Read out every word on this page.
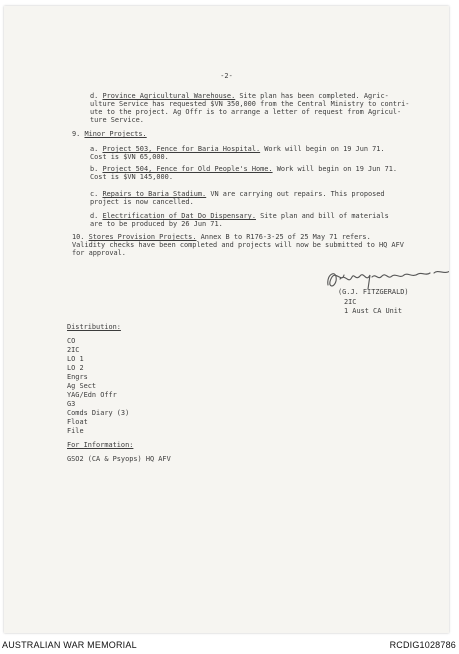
-2-
d. Province Agricultural Warehouse. Site plan has been completed. Agric-
ulture Service has requested $VN 350,000 from the Central Ministry to contri-
ute to the project. Ag Offr is to arrange a letter of request from Agricul-
ture Service.
9. Minor Projects.
a. Project 503, Fence for Baria Hospital. Work will begin on 19 Jun 71.
Cost is $VN 65,000.
b. Project 504, Fence for Old People's Home. Work will begin on 19 Jun 71.
Cost is $VN 145,000.
c. Repairs to Baria Stadium. VN are carrying out repairs. This proposed
project is now cancelled.
d. Electrification of Dat Do Dispensary. Site plan and bill of materials
are to be produced by 26 Jun 71.
10. Stores Provision Projects. Annex B to R176-3-25 of 25 May 71 refers.
Validity checks have been completed and projects will now be submitted to HQ AFV
for approval.
(G.J. FITZGERALD)
2IC
1 Aust CA Unit
Distribution:
CO
2IC
LO 1
LO 2
Engrs
Ag Sect
YAG/Edn Offr
G3
Comds Diary (3)
Float
File
For Information:
GSO2 (CA & Psyops) HQ AFV
AUSTRALIAN WAR MEMORIAL	RCDIG1028786
